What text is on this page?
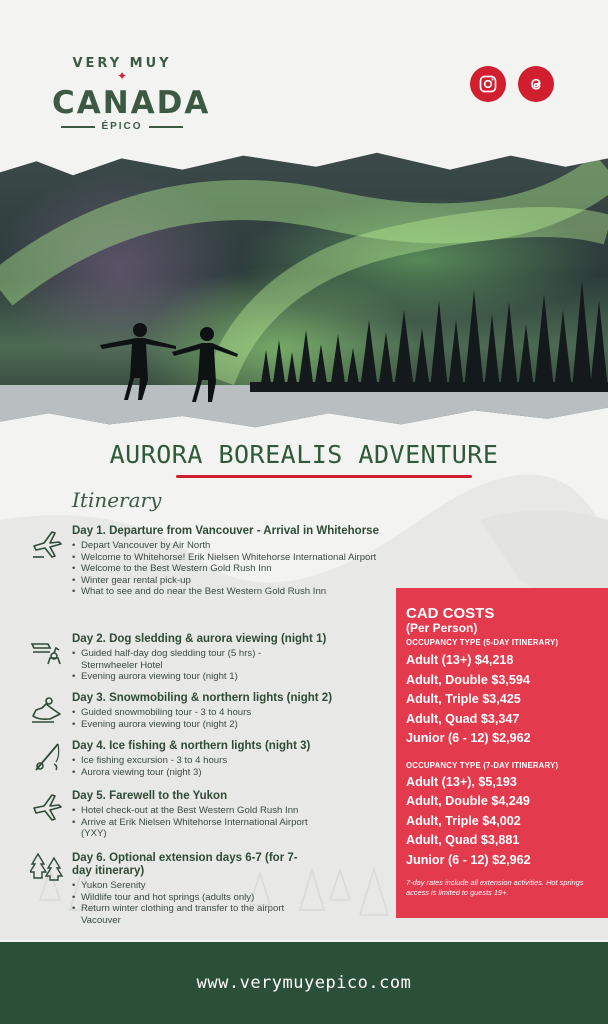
VERY MUY
✦
CANADA
ÉPICO
AURORA BOREALIS ADVENTURE
Itinerary
Day 1. Departure from Vancouver - Arrival in Whitehorse
• Depart Vancouver by Air North
• Welcome to Whitehorse! Erik Nielsen Whitehorse International Airport
• Welcome to the Best Western Gold Rush Inn
• Winter gear rental pick-up
• What to see and do near the Best Western Gold Rush Inn
Day 2. Dog sledding & aurora viewing (night 1)
• Guided half-day dog sledding tour (5 hrs) - Sternwheeler Hotel
• Evening aurora viewing tour (night 1)
Day 3. Snowmobiling & northern lights (night 2)
• Guided snowmobiling tour - 3 to 4 hours
• Evening aurora viewing tour (night 2)
Day 4. Ice fishing & northern lights (night 3)
• Ice fishing excursion - 3 to 4 hours
• Aurora viewing tour (night 3)
Day 5. Farewell to the Yukon
• Hotel check-out at the Best Western Gold Rush Inn
• Arrive at Erik Nielsen Whitehorse International Airport (YXY)
Day 6. Optional extension days 6-7 (for 7-day itinerary)
• Yukon Serenity
• Wildlife tour and hot springs (adults only)
• Return winter clothing and transfer to the airport Vacouver
CAD COSTS
(Per Person)
OCCUPANCY TYPE (5-DAY ITINERARY)
Adult (13+) $4,218
Adult, Double $3,594
Adult, Triple $3,425
Adult, Quad $3,347
Junior (6 - 12) $2,962
OCCUPANCY TYPE (7-DAY ITINERARY)
Adult (13+), $5,193
Adult, Double $4,249
Adult, Triple $4,002
Adult, Quad $3,881
Junior (6 - 12) $2,962
7-day rates include all extension activities. Hot springs access is limited to guests 19+.
www.verymuyepico.com
